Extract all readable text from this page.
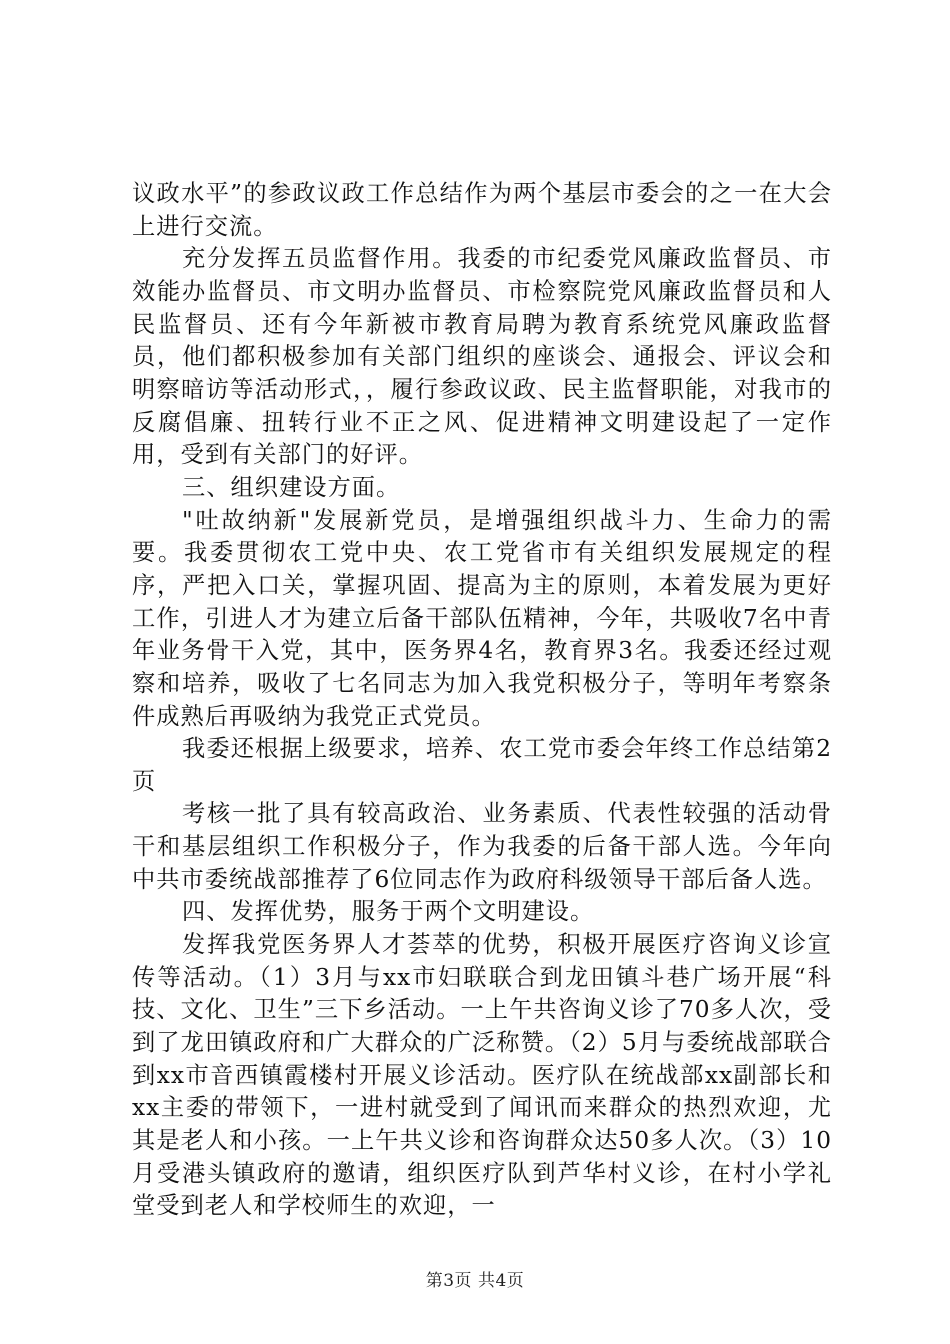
议政水平”的参政议政工作总结作为两个基层市委会的之一在大会上进行交流。

充分发挥五员监督作用。我委的市纪委党风廉政监督员、市效能办监督员、市文明办监督员、市检察院党风廉政监督员和人民监督员、还有今年新被市教育局聘为教育系统党风廉政监督员，他们都积极参加有关部门组织的座谈会、通报会、评议会和明察暗访等活动形式，，履行参政议政、民主监督职能，对我市的反腐倡廉、扭转行业不正之风、促进精神文明建设起了一定作用，受到有关部门的好评。

三、组织建设方面。

"吐故纳新"发展新党员，是增强组织战斗力、生命力的需要。我委贯彻农工党中央、农工党省市有关组织发展规定的程序，严把入口关，掌握巩固、提高为主的原则，本着发展为更好工作，引进人才为建立后备干部队伍精神，今年，共吸收7名中青年业务骨干入党，其中，医务界4名，教育界3名。我委还经过观察和培养，吸收了七名同志为加入我党积极分子，等明年考察条件成熟后再吸纳为我党正式党员。

我委还根据上级要求，培养、农工党市委会年终工作总结第2页

考核一批了具有较高政治、业务素质、代表性较强的活动骨干和基层组织工作积极分子，作为我委的后备干部人选。今年向中共市委统战部推荐了6位同志作为政府科级领导干部后备人选。

四、发挥优势，服务于两个文明建设。

发挥我党医务界人才荟萃的优势，积极开展医疗咨询义诊宣传等活动。（1）3月与xx市妇联联合到龙田镇斗巷广场开展“科技、文化、卫生”三下乡活动。一上午共咨询义诊了70多人次，受到了龙田镇政府和广大群众的广泛称赞。（2）5月与委统战部联合到xx市音西镇霞楼村开展义诊活动。医疗队在统战部xx副部长和xx主委的带领下，一进村就受到了闻讯而来群众的热烈欢迎，尤其是老人和小孩。一上午共义诊和咨询群众达50多人次。（3）10月受港头镇政府的邀请，组织医疗队到芦华村义诊，在村小学礼堂受到老人和学校师生的欢迎，一

第3页 共4页
